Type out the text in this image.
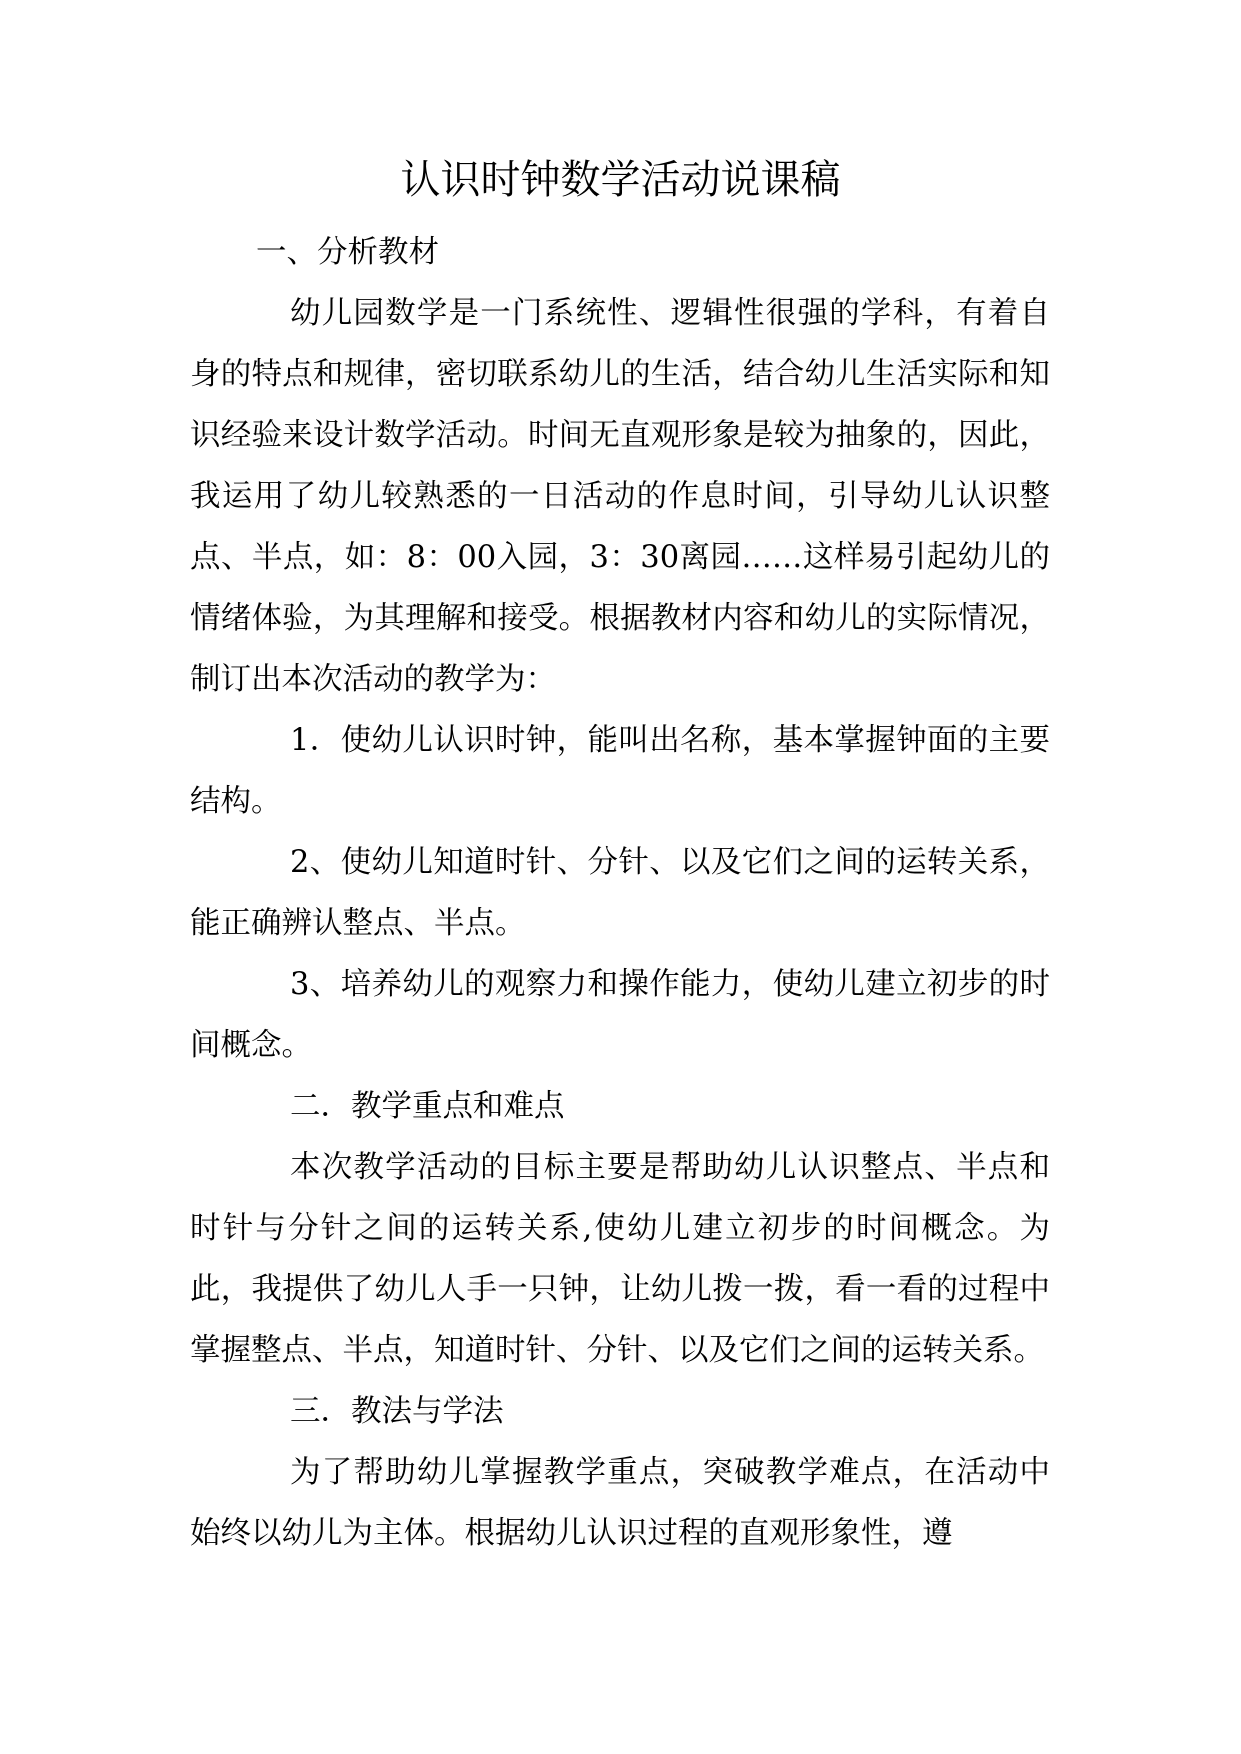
认识时钟数学活动说课稿

一、分析教材

幼儿园数学是一门系统性、逻辑性很强的学科，有着自身的特点和规律，密切联系幼儿的生活，结合幼儿生活实际和知识经验来设计数学活动。时间无直观形象是较为抽象的，因此，我运用了幼儿较熟悉的一日活动的作息时间，引导幼儿认识整点、半点，如：8：00入园，3：30离园……这样易引起幼儿的情绪体验，为其理解和接受。根据教材内容和幼儿的实际情况，制订出本次活动的教学为：

1．使幼儿认识时钟，能叫出名称，基本掌握钟面的主要结构。

2、使幼儿知道时针、分针、以及它们之间的运转关系，能正确辨认整点、半点。

3、培养幼儿的观察力和操作能力，使幼儿建立初步的时间概念。

二．教学重点和难点

本次教学活动的目标主要是帮助幼儿认识整点、半点和时针与分针之间的运转关系,使幼儿建立初步的时间概念。为此，我提供了幼儿人手一只钟，让幼儿拨一拨，看一看的过程中掌握整点、半点，知道时针、分针、以及它们之间的运转关系。

三．教法与学法

为了帮助幼儿掌握教学重点，突破教学难点，在活动中始终以幼儿为主体。根据幼儿认识过程的直观形象性，遵
